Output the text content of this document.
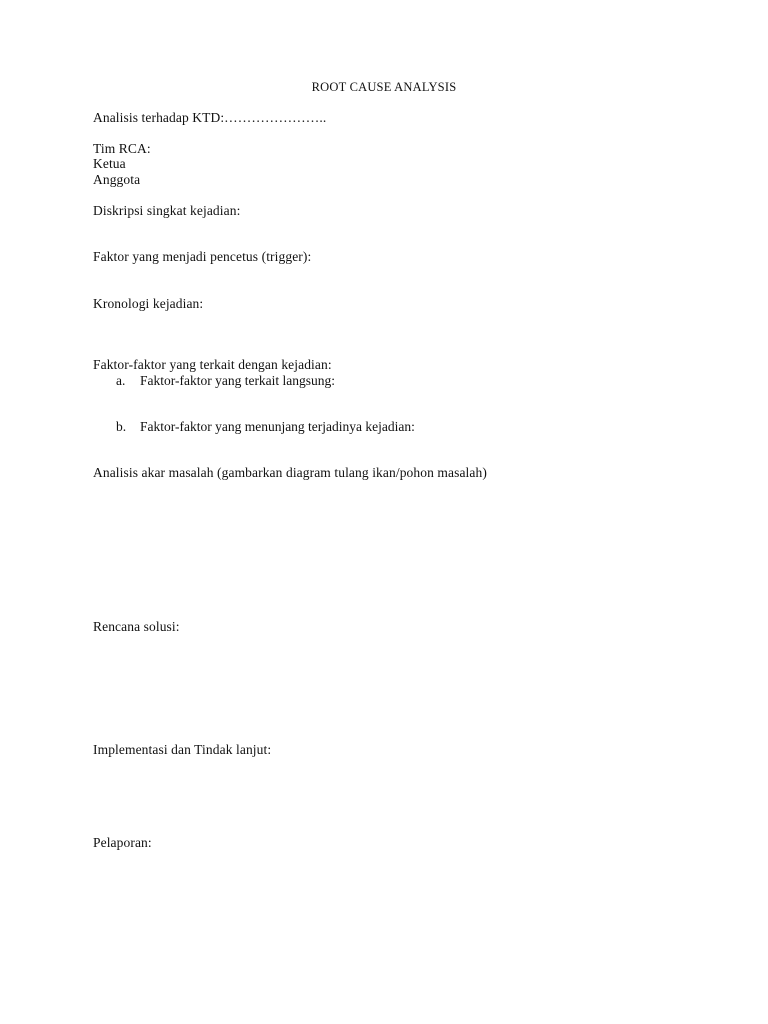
ROOT CAUSE ANALYSIS
Analisis terhadap KTD:…………………..
Tim RCA:
Ketua
Anggota
Diskripsi singkat kejadian:
Faktor yang menjadi pencetus (trigger):
Kronologi kejadian:
Faktor-faktor yang terkait dengan kejadian:
a. Faktor-faktor yang terkait langsung:
b. Faktor-faktor yang menunjang terjadinya kejadian:
Analisis akar masalah (gambarkan diagram tulang ikan/pohon masalah)
Rencana solusi:
Implementasi dan Tindak lanjut:
Pelaporan:
